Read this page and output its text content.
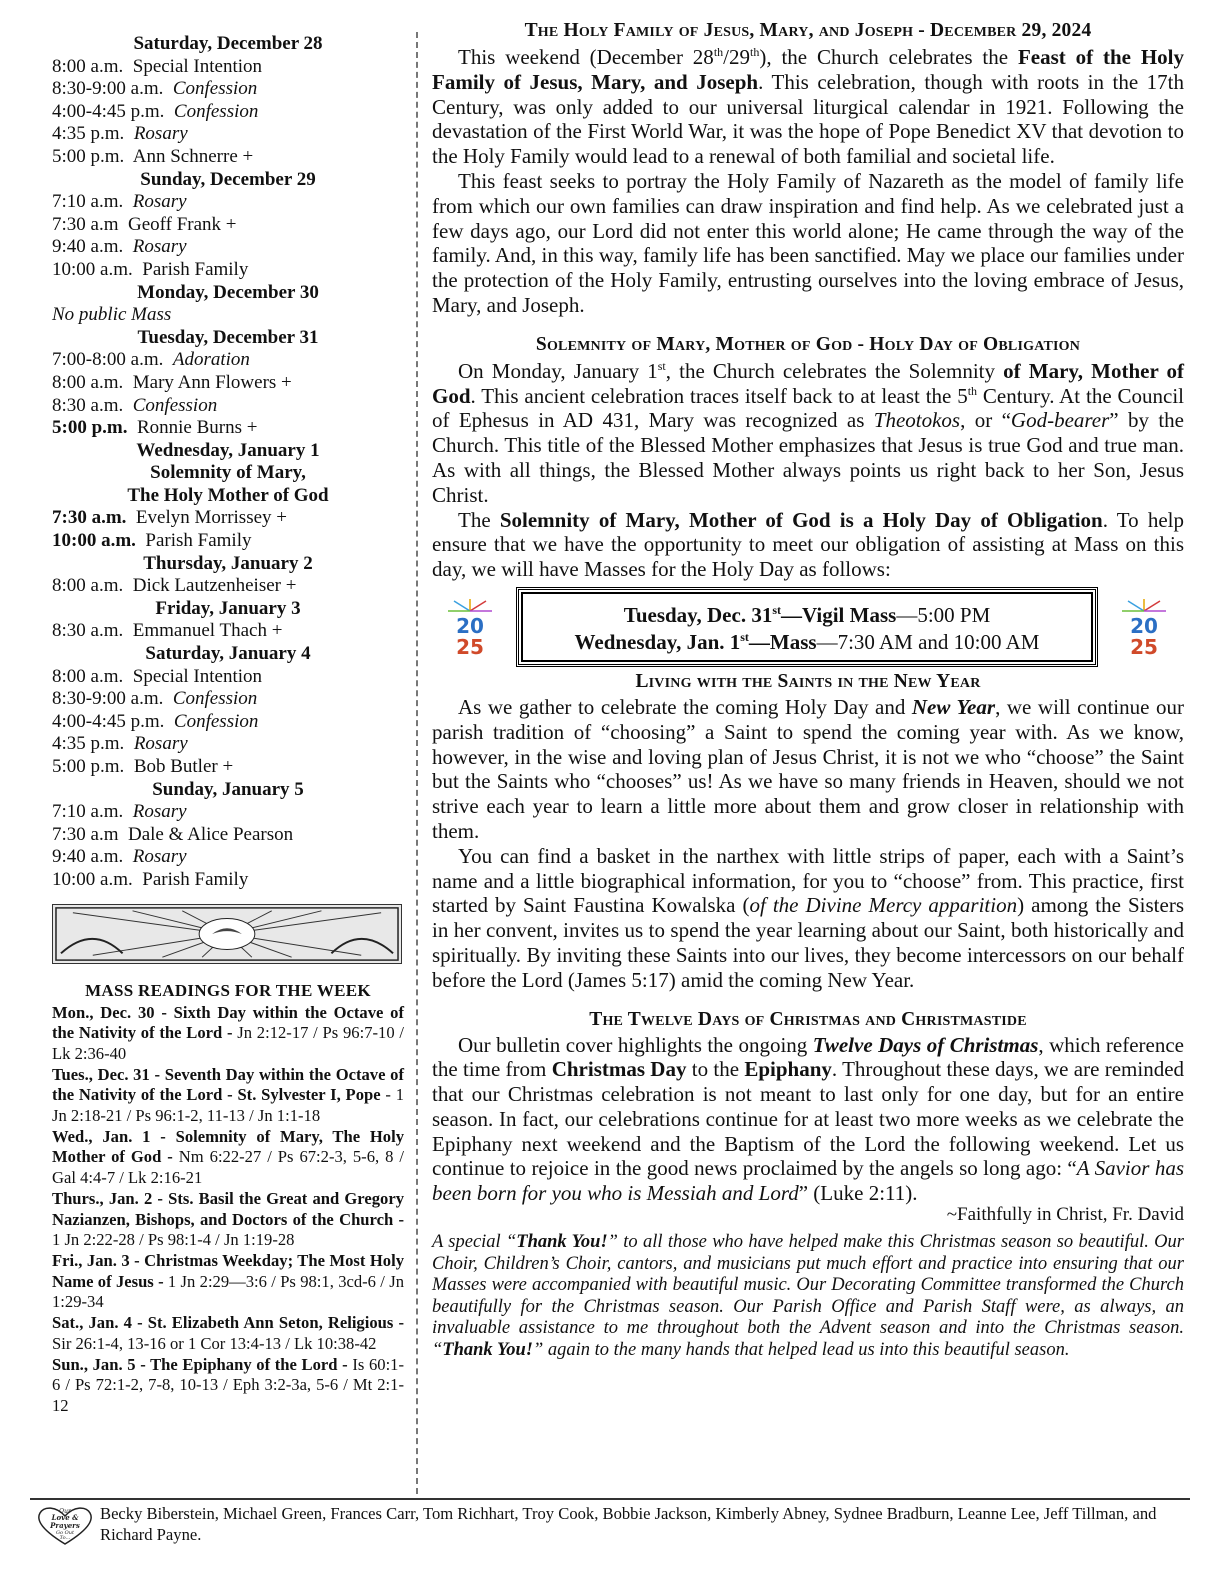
Saturday, December 28
8:00 a.m. Special Intention
8:30-9:00 a.m. Confession
4:00-4:45 p.m. Confession
4:35 p.m. Rosary
5:00 p.m. Ann Schnerre +
Sunday, December 29
7:10 a.m. Rosary
7:30 a.m Geoff Frank +
9:40 a.m. Rosary
10:00 a.m. Parish Family
Monday, December 30
No public Mass
Tuesday, December 31
7:00-8:00 a.m. Adoration
8:00 a.m. Mary Ann Flowers +
8:30 a.m. Confession
5:00 p.m. Ronnie Burns +
Wednesday, January 1
Solemnity of Mary,
The Holy Mother of God
7:30 a.m. Evelyn Morrissey +
10:00 a.m. Parish Family
Thursday, January 2
8:00 a.m. Dick Lautzenheiser +
Friday, January 3
8:30 a.m. Emmanuel Thach +
Saturday, January 4
8:00 a.m. Special Intention
8:30-9:00 a.m. Confession
4:00-4:45 p.m. Confession
4:35 p.m. Rosary
5:00 p.m. Bob Butler +
Sunday, January 5
7:10 a.m. Rosary
7:30 a.m Dale & Alice Pearson
9:40 a.m. Rosary
10:00 a.m. Parish Family
MASS READINGS FOR THE WEEK
Mon., Dec. 30 - Sixth Day within the Octave of the Nativity of the Lord - Jn 2:12-17 / Ps 96:7-10 / Lk 2:36-40
Tues., Dec. 31 - Seventh Day within the Octave of the Nativity of the Lord - St. Sylvester I, Pope - 1 Jn 2:18-21 / Ps 96:1-2, 11-13 / Jn 1:1-18
Wed., Jan. 1 - Solemnity of Mary, The Holy Mother of God - Nm 6:22-27 / Ps 67:2-3, 5-6, 8 / Gal 4:4-7 / Lk 2:16-21
Thurs., Jan. 2 - Sts. Basil the Great and Gregory Nazianzen, Bishops, and Doctors of the Church - 1 Jn 2:22-28 / Ps 98:1-4 / Jn 1:19-28
Fri., Jan. 3 - Christmas Weekday; The Most Holy Name of Jesus - 1 Jn 2:29—3:6 / Ps 98:1, 3cd-6 / Jn 1:29-34
Sat., Jan. 4 - St. Elizabeth Ann Seton, Religious - Sir 26:1-4, 13-16 or 1 Cor 13:4-13 / Lk 10:38-42
Sun., Jan. 5 - The Epiphany of the Lord - Is 60:1-6 / Ps 72:1-2, 7-8, 10-13 / Eph 3:2-3a, 5-6 / Mt 2:1-12
The Holy Family of Jesus, Mary, and Joseph - December 29, 2024

This weekend (December 28th/29th), the Church celebrates the Feast of the Holy Family of Jesus, Mary, and Joseph. This celebration, though with roots in the 17th Century, was only added to our universal liturgical calendar in 1921. Following the devastation of the First World War, it was the hope of Pope Benedict XV that devotion to the Holy Family would lead to a renewal of both familial and societal life.

This feast seeks to portray the Holy Family of Nazareth as the model of family life from which our own families can draw inspiration and find help. As we celebrated just a few days ago, our Lord did not enter this world alone; He came through the way of the family. And, in this way, family life has been sanctified. May we place our families under the protection of the Holy Family, entrusting ourselves into the loving embrace of Jesus, Mary, and Joseph.

Solemnity of Mary, Mother of God - Holy Day of Obligation

On Monday, January 1st, the Church celebrates the Solemnity of Mary, Mother of God. This ancient celebration traces itself back to at least the 5th Century. At the Council of Ephesus in AD 431, Mary was recognized as Theotokos, or “God-bearer” by the Church. This title of the Blessed Mother emphasizes that Jesus is true God and true man. As with all things, the Blessed Mother always points us right back to her Son, Jesus Christ.

The Solemnity of Mary, Mother of God is a Holy Day of Obligation. To help ensure that we have the opportunity to meet our obligation of assisting at Mass on this day, we will have Masses for the Holy Day as follows:

20
25
Tuesday, Dec. 31st—Vigil Mass—5:00 PM
Wednesday, Jan. 1st—Mass—7:30 AM and 10:00 AM
20
25
Living with the Saints in the New Year

As we gather to celebrate the coming Holy Day and New Year, we will continue our parish tradition of “choosing” a Saint to spend the coming year with. As we know, however, in the wise and loving plan of Jesus Christ, it is not we who “choose” the Saint but the Saints who “chooses” us! As we have so many friends in Heaven, should we not strive each year to learn a little more about them and grow closer in relationship with them.

You can find a basket in the narthex with little strips of paper, each with a Saint’s name and a little biographical information, for you to “choose” from. This practice, first started by Saint Faustina Kowalska (of the Divine Mercy apparition) among the Sisters in her convent, invites us to spend the year learning about our Saint, both historically and spiritually. By inviting these Saints into our lives, they become intercessors on our behalf before the Lord (James 5:17) amid the coming New Year.

The Twelve Days of Christmas and Christmastide

Our bulletin cover highlights the ongoing Twelve Days of Christmas, which reference the time from Christmas Day to the Epiphany. Throughout these days, we are reminded that our Christmas celebration is not meant to last only for one day, but for an entire season. In fact, our celebrations continue for at least two more weeks as we celebrate the Epiphany next weekend and the Baptism of the Lord the following weekend. Let us continue to rejoice in the good news proclaimed by the angels so long ago: “A Savior has been born for you who is Messiah and Lord” (Luke 2:11).

~Faithfully in Christ, Fr. David
A special “Thank You!” to all those who have helped make this Christmas season so beautiful. Our Choir, Children’s Choir, cantors, and musicians put much effort and practice into ensuring that our Masses were accompanied with beautiful music. Our Decorating Committee transformed the Church beautifully for the Christmas season. Our Parish Office and Parish Staff were, as always, an invaluable assistance to me throughout both the Advent season and into the Christmas season. “Thank You!” again to the many hands that helped lead us into this beautiful season.
Our
Love &
Prayers
Go Out
To...
Becky Biberstein, Michael Green, Frances Carr, Tom Richhart, Troy Cook, Bobbie Jackson, Kimberly Abney, Sydnee Bradburn, Leanne Lee, Jeff Tillman, and Richard Payne.
